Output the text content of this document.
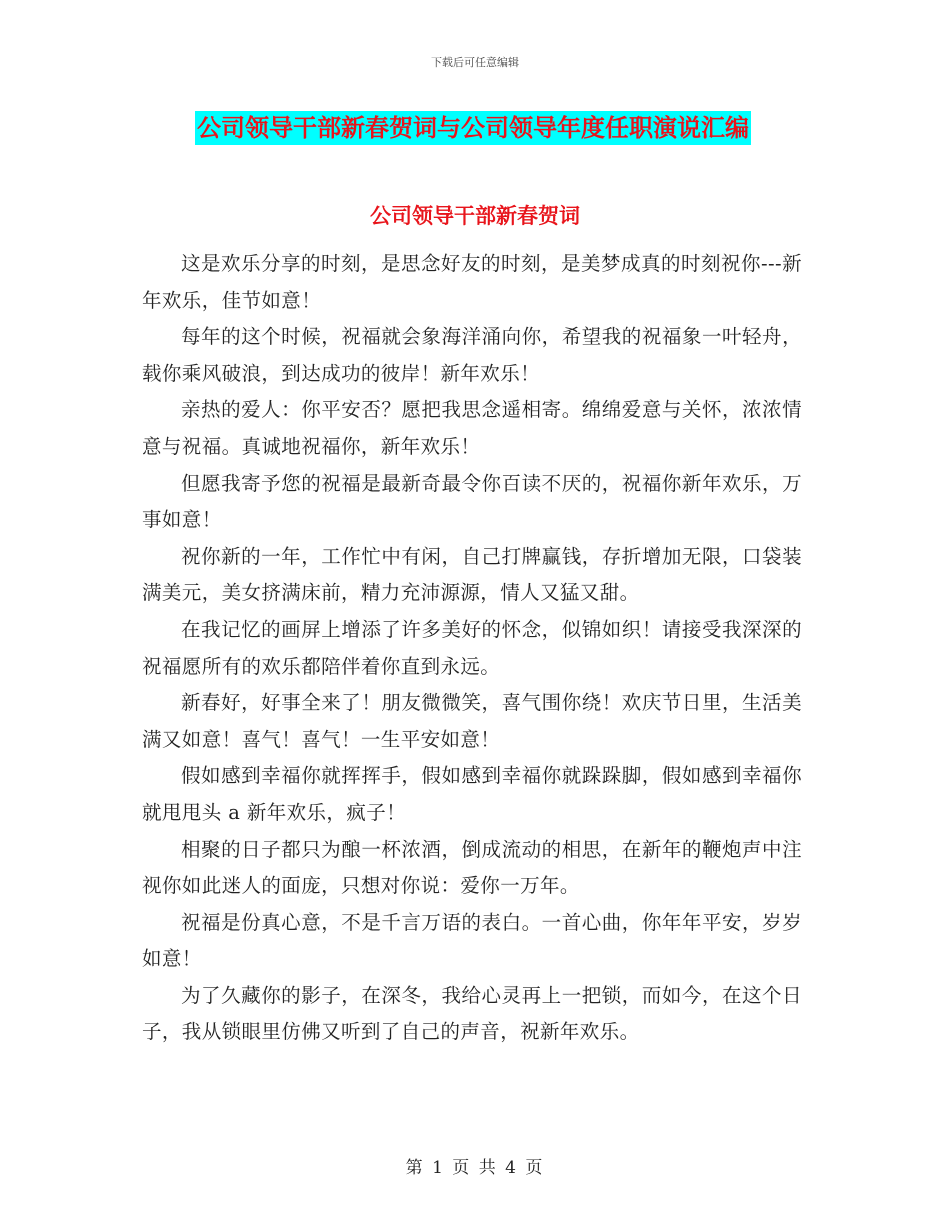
下载后可任意编辑
公司领导干部新春贺词与公司领导年度任职演说汇编
公司领导干部新春贺词

这是欢乐分享的时刻，是思念好友的时刻，是美梦成真的时刻祝你---新年欢乐，佳节如意！

每年的这个时候，祝福就会象海洋涌向你，希望我的祝福象一叶轻舟，载你乘风破浪，到达成功的彼岸！新年欢乐！

亲热的爱人：你平安否？愿把我思念遥相寄。绵绵爱意与关怀，浓浓情意与祝福。真诚地祝福你，新年欢乐！

但愿我寄予您的祝福是最新奇最令你百读不厌的，祝福你新年欢乐，万事如意！

祝你新的一年，工作忙中有闲，自己打牌赢钱，存折增加无限，口袋装满美元，美女挤满床前，精力充沛源源，情人又猛又甜。

在我记忆的画屏上增添了许多美好的怀念，似锦如织！请接受我深深的祝福愿所有的欢乐都陪伴着你直到永远。

新春好，好事全来了！朋友微微笑，喜气围你绕！欢庆节日里，生活美满又如意！喜气！喜气！一生平安如意！

假如感到幸福你就挥挥手，假如感到幸福你就跺跺脚，假如感到幸福你就甩甩头 a 新年欢乐，疯子！

相聚的日子都只为酿一杯浓酒，倒成流动的相思，在新年的鞭炮声中注视你如此迷人的面庞，只想对你说：爱你一万年。

祝福是份真心意，不是千言万语的表白。一首心曲，你年年平安，岁岁如意！

为了久藏你的影子，在深冬，我给心灵再上一把锁，而如今，在这个日子，我从锁眼里仿佛又听到了自己的声音，祝新年欢乐。

第 1 页 共 4 页
